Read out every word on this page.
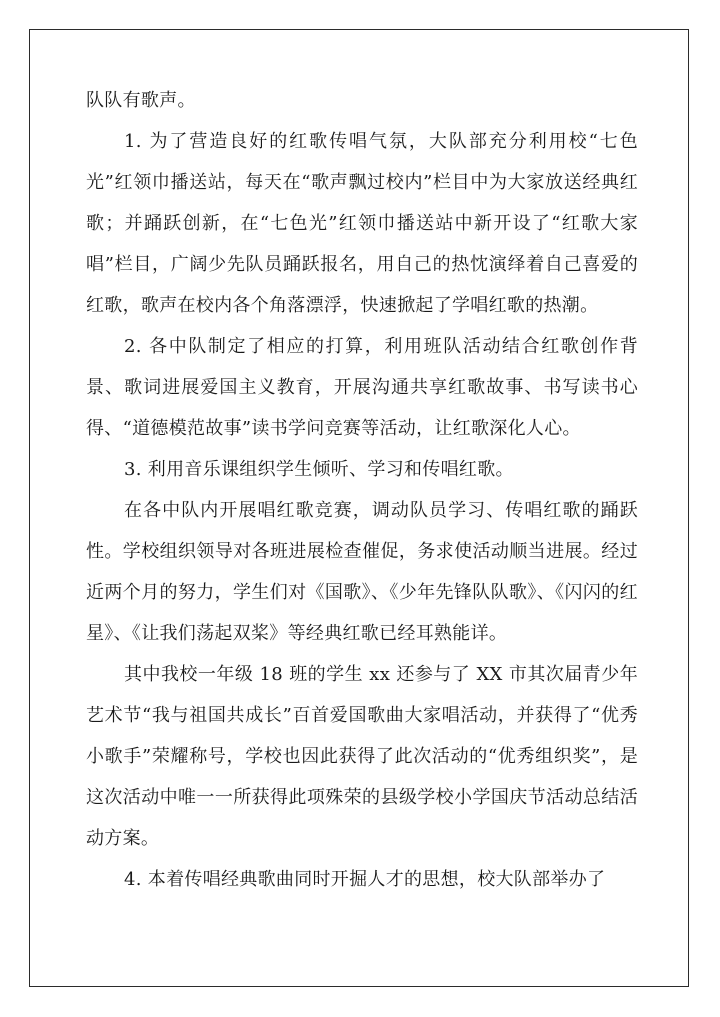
队队有歌声。

1. 为了营造良好的红歌传唱气氛，大队部充分利用校“七色光”红领巾播送站，每天在“歌声飘过校内”栏目中为大家放送经典红歌；并踊跃创新，在“七色光”红领巾播送站中新开设了“红歌大家唱”栏目，广阔少先队员踊跃报名，用自己的热忱演绎着自己喜爱的红歌，歌声在校内各个角落漂浮，快速掀起了学唱红歌的热潮。

2. 各中队制定了相应的打算，利用班队活动结合红歌创作背景、歌词进展爱国主义教育，开展沟通共享红歌故事、书写读书心得、“道德模范故事”读书学问竞赛等活动，让红歌深化人心。

3. 利用音乐课组织学生倾听、学习和传唱红歌。

在各中队内开展唱红歌竞赛，调动队员学习、传唱红歌的踊跃性。学校组织领导对各班进展检查催促，务求使活动顺当进展。经过近两个月的努力，学生们对《国歌》、《少年先锋队队歌》、《闪闪的红星》、《让我们荡起双桨》等经典红歌已经耳熟能详。

其中我校一年级 18 班的学生 xx 还参与了 XX 市其次届青少年艺术节“我与祖国共成长”百首爱国歌曲大家唱活动，并获得了“优秀小歌手”荣耀称号，学校也因此获得了此次活动的“优秀组织奖”，是这次活动中唯一一所获得此项殊荣的县级学校小学国庆节活动总结活动方案。

4. 本着传唱经典歌曲同时开掘人才的思想，校大队部举办了
